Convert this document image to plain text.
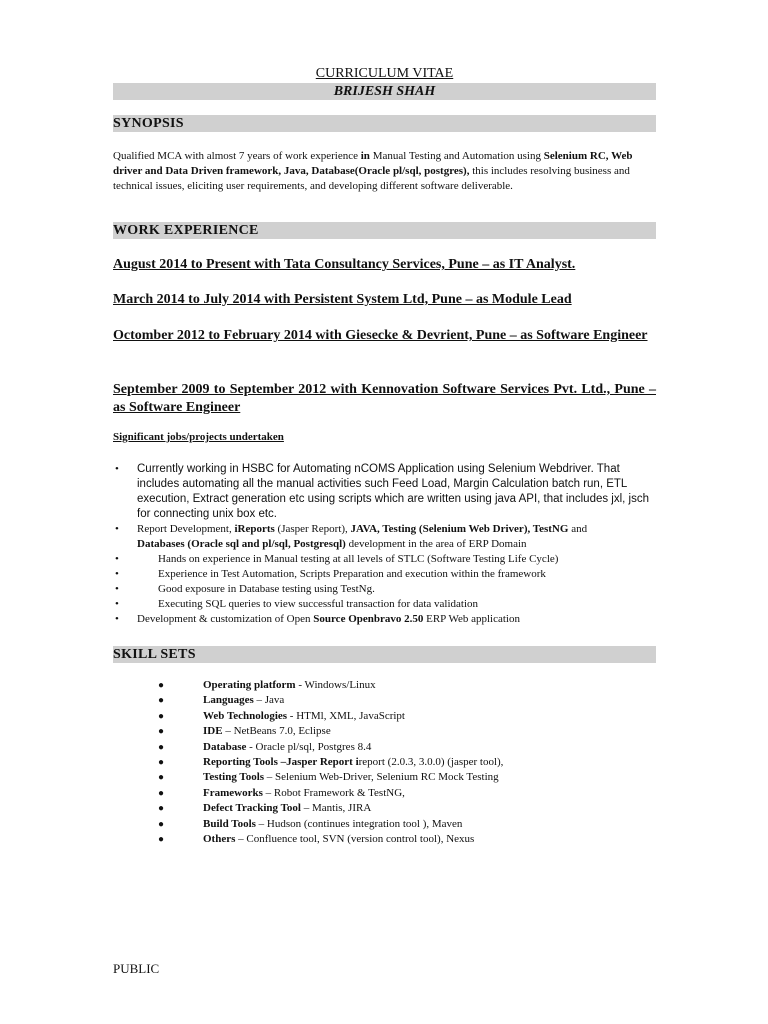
CURRICULUM VITAE
BRIJESH SHAH
SYNOPSIS
Qualified MCA with almost 7 years of work experience in Manual Testing and Automation using Selenium RC, Web driver and Data Driven framework, Java, Database(Oracle pl/sql, postgres), this includes resolving business and technical issues, eliciting user requirements, and developing different software deliverable.
WORK EXPERIENCE
August 2014 to Present with Tata Consultancy Services, Pune – as IT Analyst.
March 2014 to July 2014 with Persistent System Ltd, Pune – as Module Lead
Octomber 2012 to February 2014 with Giesecke & Devrient, Pune – as Software Engineer
September 2009 to September 2012 with Kennovation Software Services Pvt. Ltd., Pune – as Software Engineer
Significant jobs/projects undertaken
•	Currently working in HSBC for Automating nCOMS Application using Selenium Webdriver. That includes automating all the manual activities such Feed Load, Margin Calculation batch run, ETL execution, Extract generation etc using scripts which are written using java API, that includes jxl, jsch for connecting unix box etc.
•	Report Development, iReports (Jasper Report), JAVA, Testing (Selenium Web Driver), TestNG and
Databases (Oracle sql and pl/sql, Postgresql) development in the area of ERP Domain
•	Hands on experience in Manual testing at all levels of STLC (Software Testing Life Cycle)
•	Experience in Test Automation, Scripts Preparation and execution within the framework
•	Good exposure in Database testing using TestNg.
•	Executing SQL queries to view successful transaction for data validation
•	Development & customization of Open Source Openbravo 2.50 ERP Web application
SKILL SETS
●	Operating platform - Windows/Linux
●	Languages – Java
●	Web Technologies - HTMl, XML, JavaScript
●	IDE – NetBeans 7.0, Eclipse
●	Database - Oracle pl/sql, Postgres 8.4
●	Reporting Tools –Jasper Report ireport (2.0.3, 3.0.0) (jasper tool),
●	Testing Tools – Selenium Web-Driver, Selenium RC Mock Testing
●	Frameworks – Robot Framework & TestNG,
●	Defect Tracking Tool – Mantis, JIRA
●	Build Tools – Hudson (continues integration tool ), Maven
●	Others – Confluence tool, SVN (version control tool), Nexus
PUBLIC
